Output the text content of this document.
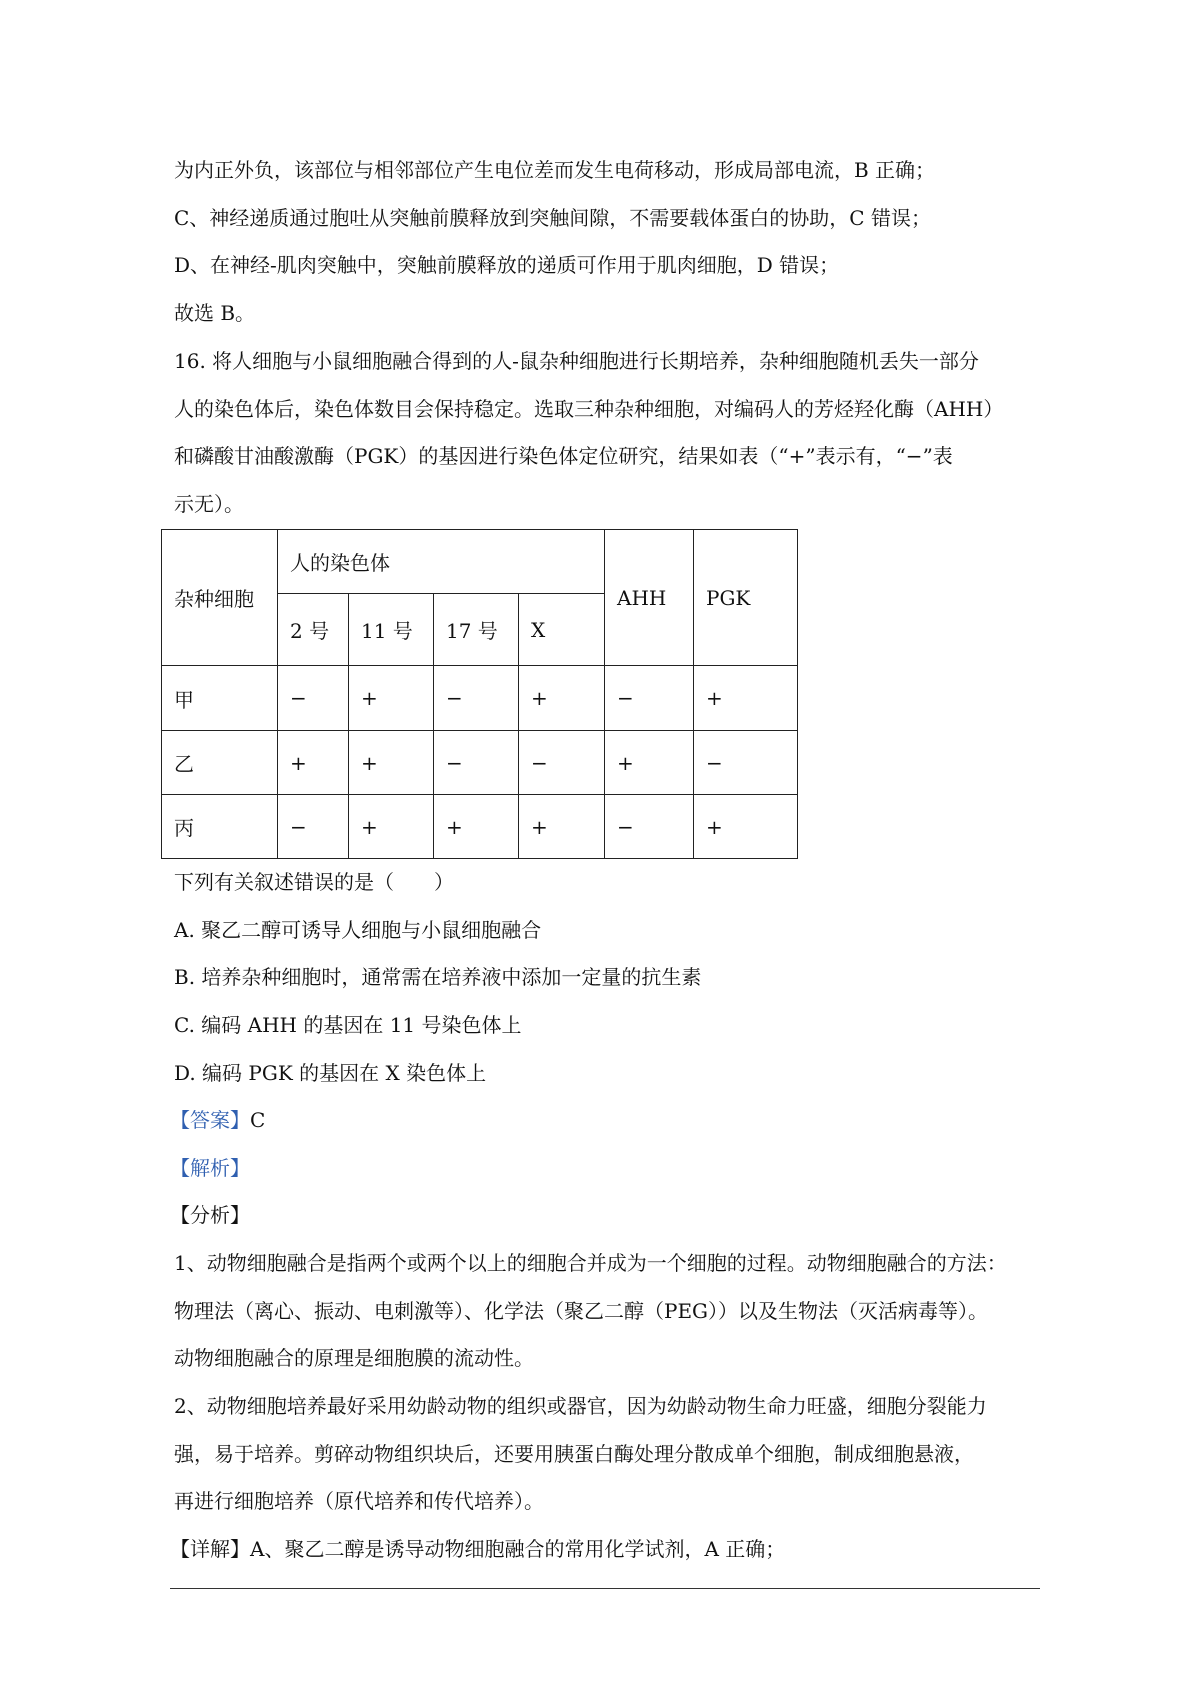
为内正外负，该部位与相邻部位产生电位差而发生电荷移动，形成局部电流，B 正确；
C、神经递质通过胞吐从突触前膜释放到突触间隙，不需要载体蛋白的协助，C 错误；
D、在神经-肌肉突触中，突触前膜释放的递质可作用于肌肉细胞，D 错误；
故选 B。
16. 将人细胞与小鼠细胞融合得到的人-鼠杂种细胞进行长期培养，杂种细胞随机丢失一部分
人的染色体后，染色体数目会保持稳定。选取三种杂种细胞，对编码人的芳烃羟化酶（AHH）
和磷酸甘油酸激酶（PGK）的基因进行染色体定位研究，结果如表（“+”表示有，“−”表
示无）。
杂种细胞	人的染色体				AHH	PGK
	2 号	11 号	17 号	X		
甲	−	+	−	+	−	+
乙	+	+	−	−	+	−
丙	−	+	+	+	−	+
下列有关叙述错误的是（　　）
A. 聚乙二醇可诱导人细胞与小鼠细胞融合
B. 培养杂种细胞时，通常需在培养液中添加一定量的抗生素
C. 编码 AHH 的基因在 11 号染色体上
D. 编码 PGK 的基因在 X 染色体上
【答案】C
【解析】
【分析】
1、动物细胞融合是指两个或两个以上的细胞合并成为一个细胞的过程。动物细胞融合的方法：
物理法（离心、振动、电刺激等）、化学法（聚乙二醇（PEG））以及生物法（灭活病毒等）。
动物细胞融合的原理是细胞膜的流动性。
2、动物细胞培养最好采用幼龄动物的组织或器官，因为幼龄动物生命力旺盛，细胞分裂能力
强，易于培养。剪碎动物组织块后，还要用胰蛋白酶处理分散成单个细胞，制成细胞悬液，
再进行细胞培养（原代培养和传代培养）。
【详解】A、聚乙二醇是诱导动物细胞融合的常用化学试剂，A 正确；
